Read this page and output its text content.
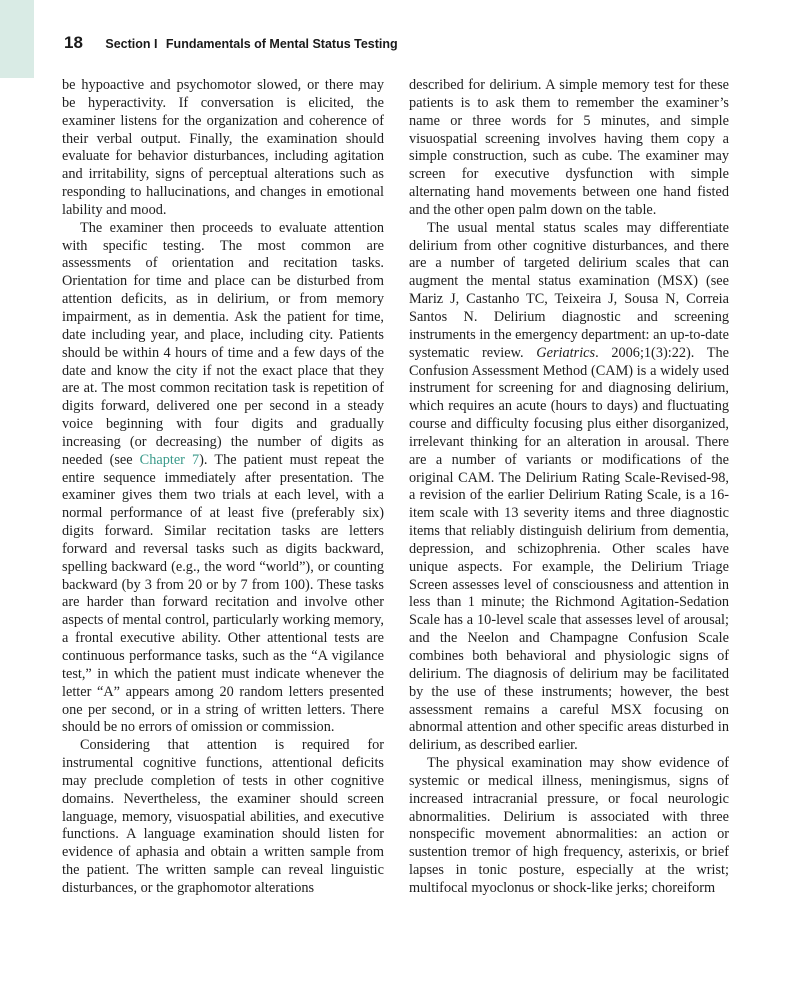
18 Section I Fundamentals of Mental Status Testing

be hypoactive and psychomotor slowed, or there may be hyperactivity. If conversation is elicited, the examiner listens for the organization and coherence of their verbal output. Finally, the examination should evaluate for behavior disturbances, including agitation and irritability, signs of perceptual alterations such as responding to hallucinations, and changes in emotional lability and mood.

The examiner then proceeds to evaluate attention with specific testing. The most common are assessments of orientation and recitation tasks. Orientation for time and place can be disturbed from attention deficits, as in delirium, or from memory impairment, as in dementia. Ask the patient for time, date including year, and place, including city. Patients should be within 4 hours of time and a few days of the date and know the city if not the exact place that they are at. The most common recitation task is repetition of digits forward, delivered one per second in a steady voice beginning with four digits and gradually increasing (or decreasing) the number of digits as needed (see Chapter 7). The patient must repeat the entire sequence immediately after presentation. The examiner gives them two trials at each level, with a normal performance of at least five (preferably six) digits forward. Similar recitation tasks are letters forward and reversal tasks such as digits backward, spelling backward (e.g., the word “world”), or counting backward (by 3 from 20 or by 7 from 100). These tasks are harder than forward recitation and involve other aspects of mental control, particularly working memory, a frontal executive ability. Other attentional tests are continuous performance tasks, such as the “A vigilance test,” in which the patient must indicate whenever the letter “A” appears among 20 random letters presented one per second, or in a string of written letters. There should be no errors of omission or commission.

Considering that attention is required for instrumental cognitive functions, attentional deficits may preclude completion of tests in other cognitive domains. Nevertheless, the examiner should screen language, memory, visuospatial abilities, and executive functions. A language examination should listen for evidence of aphasia and obtain a written sample from the patient. The written sample can reveal linguistic disturbances, or the graphomotor alterations

described for delirium. A simple memory test for these patients is to ask them to remember the examiner’s name or three words for 5 minutes, and simple visuospatial screening involves having them copy a simple construction, such as cube. The examiner may screen for executive dysfunction with simple alternating hand movements between one hand fisted and the other open palm down on the table.

The usual mental status scales may differentiate delirium from other cognitive disturbances, and there are a number of targeted delirium scales that can augment the mental status examination (MSX) (see Mariz J, Castanho TC, Teixeira J, Sousa N, Correia Santos N. Delirium diagnostic and screening instruments in the emergency department: an up-to-date systematic review. Geriatrics. 2006;1(3):22). The Confusion Assessment Method (CAM) is a widely used instrument for screening for and diagnosing delirium, which requires an acute (hours to days) and fluctuating course and difficulty focusing plus either disorganized, irrelevant thinking for an alteration in arousal. There are a number of variants or modifications of the original CAM. The Delirium Rating Scale-Revised-98, a revision of the earlier Delirium Rating Scale, is a 16-item scale with 13 severity items and three diagnostic items that reliably distinguish delirium from dementia, depression, and schizophrenia. Other scales have unique aspects. For example, the Delirium Triage Screen assesses level of consciousness and attention in less than 1 minute; the Richmond Agitation-Sedation Scale has a 10-level scale that assesses level of arousal; and the Neelon and Champagne Confusion Scale combines both behavioral and physiologic signs of delirium. The diagnosis of delirium may be facilitated by the use of these instruments; however, the best assessment remains a careful MSX focusing on abnormal attention and other specific areas disturbed in delirium, as described earlier.

The physical examination may show evidence of systemic or medical illness, meningismus, signs of increased intracranial pressure, or focal neurologic abnormalities. Delirium is associated with three nonspecific movement abnormalities: an action or sustention tremor of high frequency, asterixis, or brief lapses in tonic posture, especially at the wrist; multifocal myoclonus or shock-like jerks; choreiform
